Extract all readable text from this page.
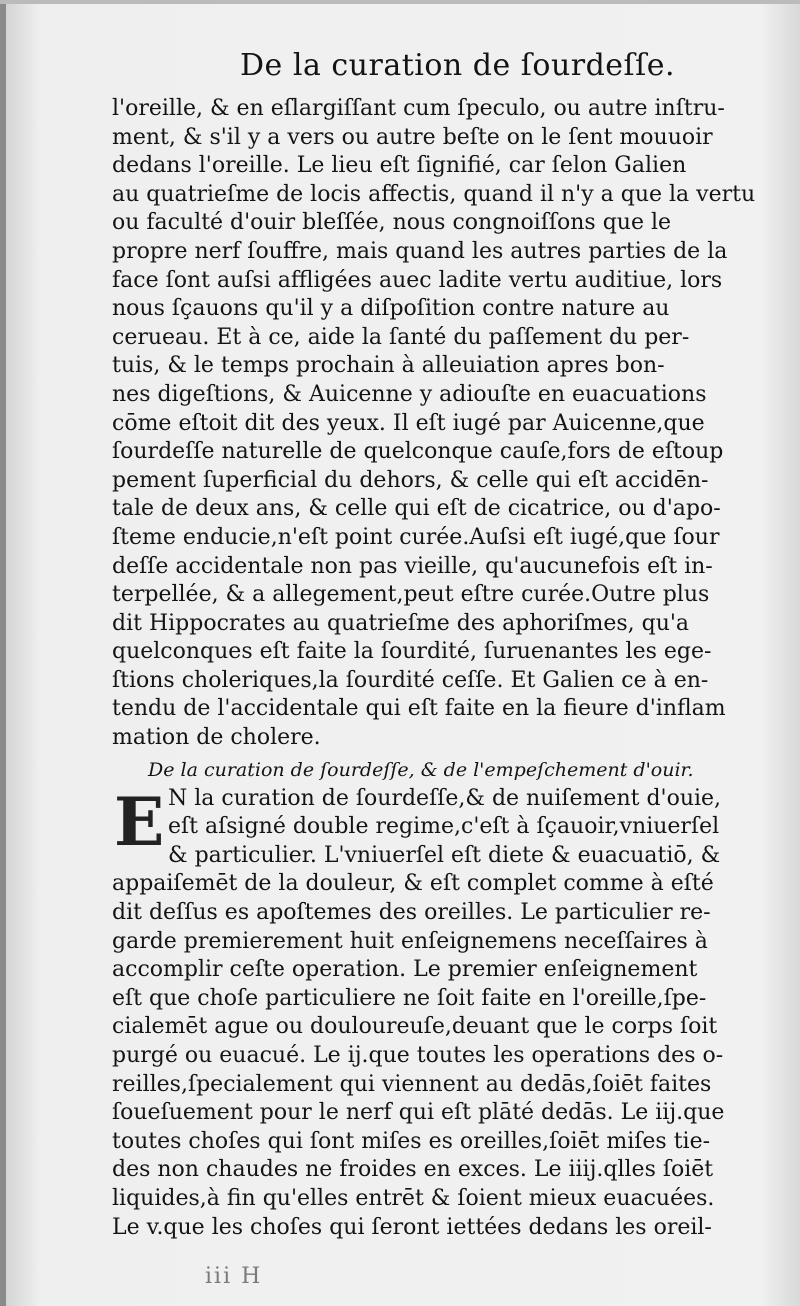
De la curation de ſourdeſſe.
l'oreille, & en eſlargiſſant cum ſpeculo, ou autre inſtru-
ment, & s'il y a vers ou autre beſte on le ſent mouuoir
dedans l'oreille. Le lieu eſt ſignifié, car ſelon Galien
au quatrieſme de locis affectis, quand il n'y a que la vertu
ou faculté d'ouir bleſſée, nous congnoiſſons que le
propre nerf ſouffre, mais quand les autres parties de la
face ſont auſsi affligées auec ladite vertu auditiue, lors
nous ſçauons qu'il y a diſpoſition contre nature au
cerueau. Et à ce, aide la ſanté du paſſement du per-
tuis, & le temps prochain à alleuiation apres bon-
nes digeſtions, & Auicenne y adiouſte en euacuations
cōme eſtoit dit des yeux. Il eſt iugé par Auicenne,que
ſourdeſſe naturelle de quelconque cauſe,fors de eſtoup
pement ſuperficial du dehors, & celle qui eſt accidēn-
tale de deux ans, & celle qui eſt de cicatrice, ou d'apo-
ſteme enducie,n'eſt point curée.Auſsi eſt iugé,que ſour
deſſe accidentale non pas vieille, qu'aucunefois eſt in-
terpellée, & a allegement,peut eſtre curée.Outre plus
dit Hippocrates au quatrieſme des aphoriſmes, qu'a
quelconques eſt faite la ſourdité, ſuruenantes les ege-
ſtions choleriques,la ſourdité ceſſe. Et Galien ce à en-
tendu de l'accidentale qui eſt faite en la fieure d'inflam
mation de cholere.
De la curation de ſourdeſſe, & de l'empeſchement d'ouir.
E N la curation de ſourdeſſe,& de nuiſement d'ouie,
eſt aſsigné double regime,c'eſt à ſçauoir,vniuerſel
& particulier. L'vniuerſel eſt diete & euacuatiō, &
appaiſemēt de la douleur, & eſt complet comme à eſté
dit deſſus es apoſtemes des oreilles. Le particulier re-
garde premierement huit enſeignemens neceſſaires à
accomplir ceſte operation. Le premier enſeignement
eſt que choſe particuliere ne ſoit faite en l'oreille,ſpe-
cialemēt ague ou douloureuſe,deuant que le corps ſoit
purgé ou euacué. Le ij.que toutes les operations des o-
reilles,ſpecialement qui viennent au dedās,ſoiēt faites
ſoueſuement pour le nerf qui eſt plāté dedās. Le iij.que
toutes choſes qui ſont miſes es oreilles,ſoiēt miſes tie-
des non chaudes ne froides en exces. Le iiij.qlles ſoiēt
liquides,à fin qu'elles entrēt & ſoient mieux euacuées.
Le v.que les choſes qui ſeront iettées dedans les oreil-
iii H
